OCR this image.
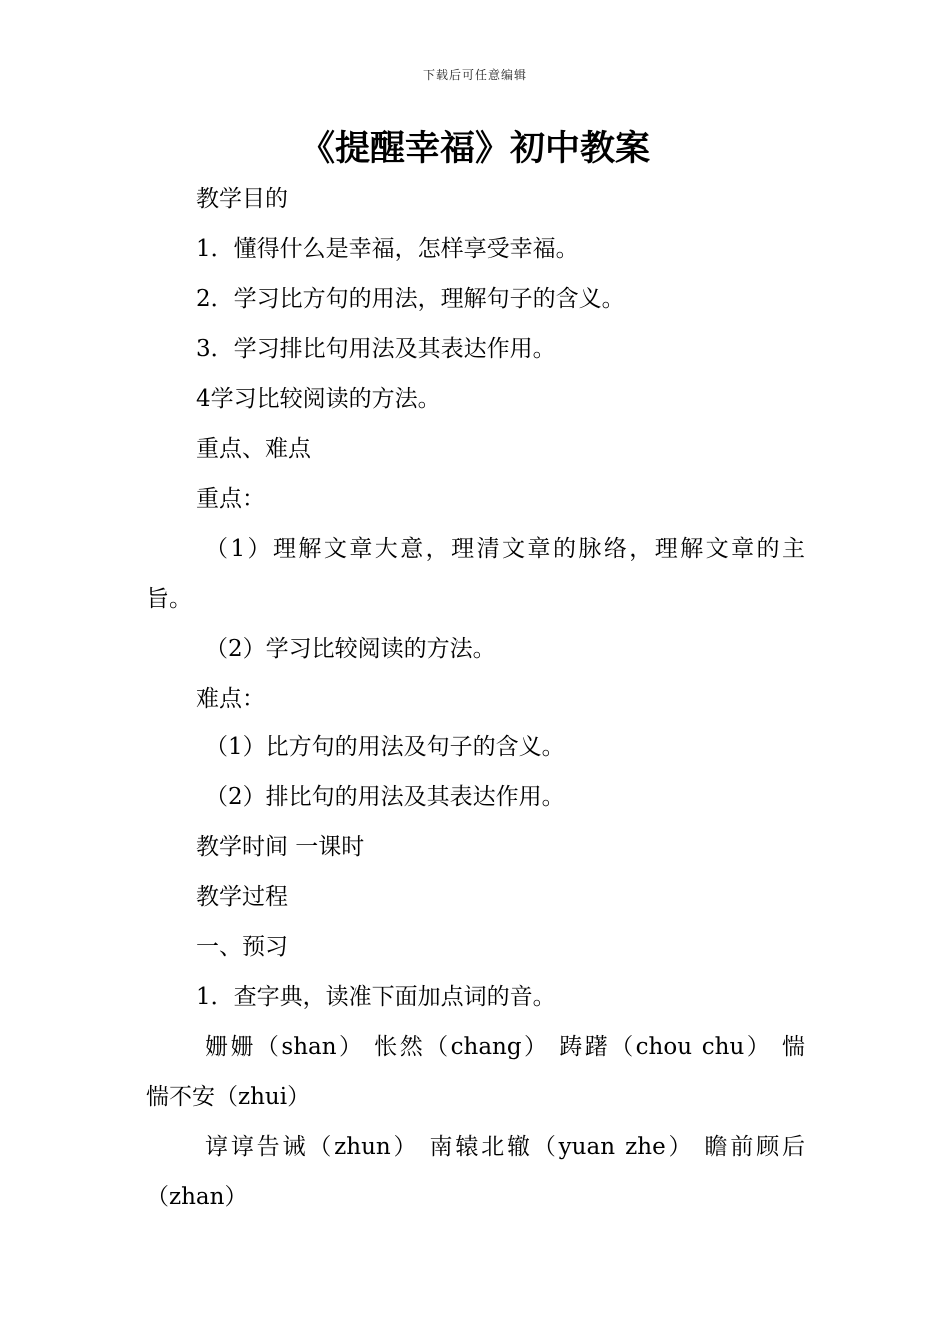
下载后可任意编辑
《提醒幸福》初中教案
教学目的
1．懂得什么是幸福，怎样享受幸福。
2．学习比方句的用法，理解句子的含义。
3．学习排比句用法及其表达作用。
4学习比较阅读的方法。
重点、难点
重点：
（1）理解文章大意，理清文章的脉络，理解文章的主
旨。
（2）学习比较阅读的方法。
难点：
（1）比方句的用法及句子的含义。
（2）排比句的用法及其表达作用。
教学时间 一课时
教学过程
一、预习
1．查字典，读准下面加点词的音。
姗姗（shan） 怅然（chang） 踌躇（chou chu） 惴
惴不安（zhui）
谆谆告诫（zhun） 南辕北辙（yuan zhe） 瞻前顾后
（zhan）
